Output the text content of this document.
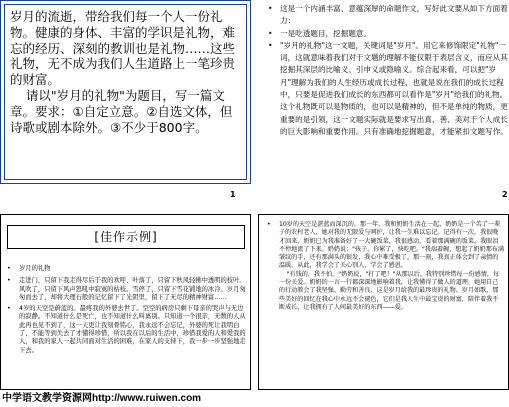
岁月的流逝，带给我们每一个人一份礼物。健康的身体、丰富的学识是礼物，难忘的经历、深刻的教训也是礼物……这些礼物，无不成为我们人生道路上一笔珍贵的财富。
请以"岁月的礼物"为题目，写一篇文章。要求：①自定立意。②自选文体，但诗歌或剧本除外。③不少于800字。
1

• 这是一个内涵丰富、意蕴深厚的命题作文，写好此文要从如下方面着力：

• 一是吃透题目，挖掘题意。

• "岁月的礼物"这一文题，关键词是"岁月"。用它来修饰限定"礼物"一词，这就意味着我们对于文题的理解不能仅限于表层含义，而应从其挖掘其深层的比喻义、引申义或隐喻义。综合起来看，可以把"岁月"理解为我们的人生经历或成长过程，也就是说在我们的成长过程中，只要是促进我们成长的东西都可以看作是"岁月"给我们的礼物。这个礼物既可以是物质的，也可以是精神的，但不是单纯的物质，更重要的是引领，这一文题实际就是要求写出真、善、美对于个人成长的巨大影响和重要作用。只有准确地挖掘题意，才能紧扣文题写作。

2
[佳作示例]

• 岁月的礼物

• 走进门，只留下我走得尽后于我的欢呼、叶落了，只留下秋风轻拂中透明的枝叶。风吹了，只留下风声怒吼中寂寞的枯枝。雪停了，只留下雪花铺地的冰冷。岁月匆匆而去了，却将大理石般的记忆留下了光阴里，留下了无尽的精神财富……

• 4岁的天空是蔚蓝的。最疼我的外婆去世了。空空的病房只剩下母亲的哭声与无边的寂静。不知道什么是死亡，也不知道什么叫离别。只知道一个很亲，无数的人从此再也见不到了，这一天更让我刻骨铭心，我永远不会忘记，外婆的死让我明白了，不能等到失去了才懂得珍惜，所以我在以后的生活中，珍惜我爱的人和爱我的人，和我的家人一起共同面对生活的困难，在家人的支持下，我一步一步坚强地走下去。

• 10岁的天空是湛蓝而深沉的。那一年，我和奶奶生活在一起，奶奶是一个苦了一辈子的农村老人，她对我的无限爱与呵护，让我一生难以忘记。记得有一次，我很晚才回来，奶奶已为我准备好了一大碗饭菜，我很感动，看着那满碗的饭菜，我眼泪不停地流了下来。奶奶说："孩子，你累了，快吃吧。"我端着碗，想起了奶奶那布满皱纹的手，还有那满头的银发，我心中难受极了，那一刻，我真正体会到了亲情的温暖。从此，我学会了关心别人，学会了感恩。
"有钱的，我不怕。"奶奶说，"打了吧！"从那以后，我特别珍惜每一份感情，每一份关爱。奶奶的一言一行都深深地影响着我，让我懂得了做人的道理，她用自己的行动教会了我坚强、勤劳和善良，这是岁月给我的最珍贵的礼物。岁月如歌，那些美好的回忆在我心中永远不会褪色，它们是我人生中最宝贵的财富，陪伴着我不断成长，让我拥有了人间最美好的东西——爱。

中学语文教学资源网http://www.ruiwen.com
